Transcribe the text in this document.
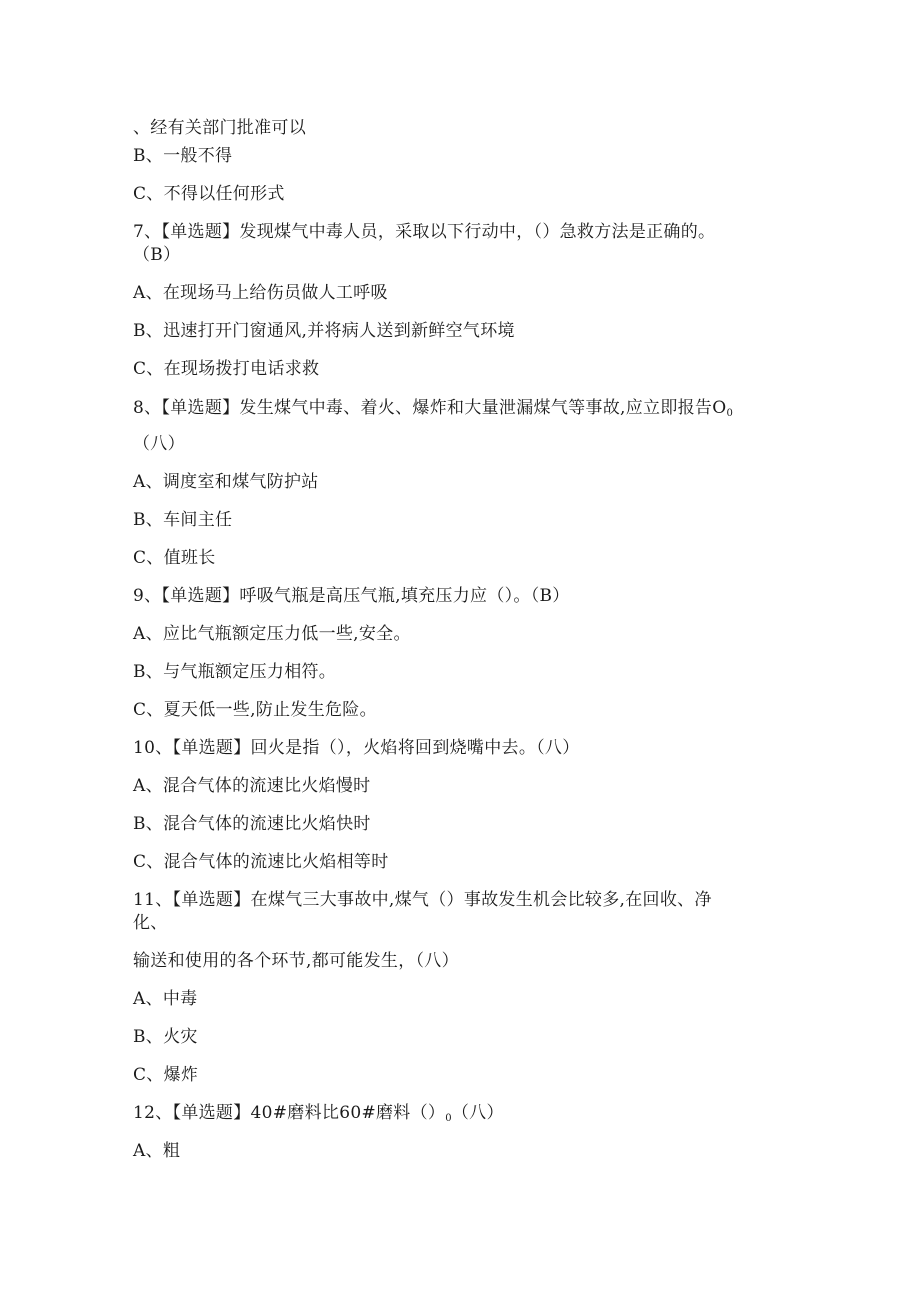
、经有关部门批准可以
B、一般不得
C、不得以任何形式
7、【单选题】发现煤气中毒人员，采取以下行动中，（）急救方法是正确的。
（B）
A、在现场马上给伤员做人工呼吸
B、迅速打开门窗通风,并将病人送到新鲜空气环境
C、在现场拨打电话求救
8、【单选题】发生煤气中毒、着火、爆炸和大量泄漏煤气等事故,应立即报告$O_0$
（八）
A、调度室和煤气防护站
B、车间主任
C、值班长
9、【单选题】呼吸气瓶是高压气瓶,填充压力应（）。（B）
A、应比气瓶额定压力低一些,安全。
B、与气瓶额定压力相符。
C、夏天低一些,防止发生危险。
10、【单选题】回火是指（），火焰将回到烧嘴中去。（八）
A、混合气体的流速比火焰慢时
B、混合气体的流速比火焰快时
C、混合气体的流速比火焰相等时
11、【单选题】在煤气三大事故中,煤气（）事故发生机会比较多,在回收、净
化、
输送和使用的各个环节,都可能发生，（八）
A、中毒
B、火灾
C、爆炸
12、【单选题】40#磨料比60#磨料$()_0$（八）
A、粗
